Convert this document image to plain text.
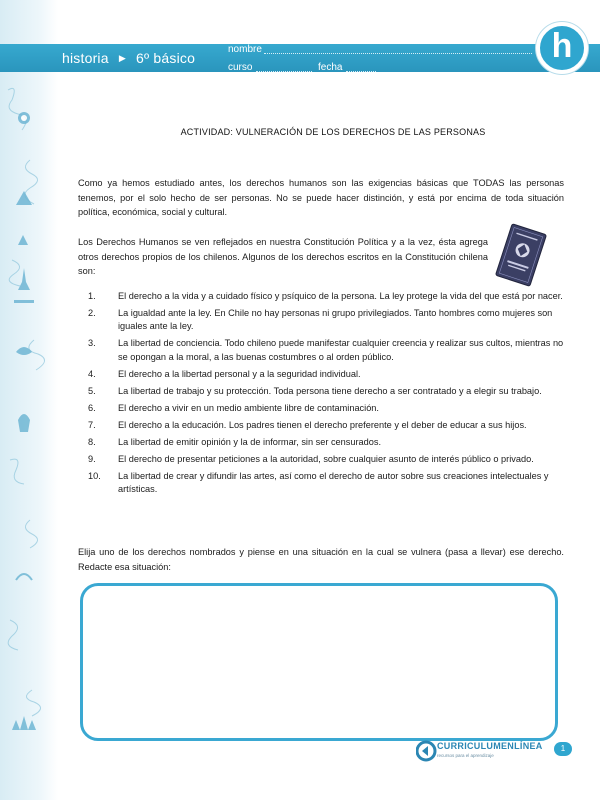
historia ▶ 6º básico
nombre
curso	fecha
h
ACTIVIDAD: VULNERACIÓN DE LOS DERECHOS DE LAS PERSONAS

Como ya hemos estudiado antes, los derechos humanos son las exigencias básicas que TODAS las personas tenemos, por el solo hecho de ser personas. No se puede hacer distinción, y está por encima de toda situación política, económica, social y cultural.

Los Derechos Humanos se ven reflejados en nuestra Constitución Política y a la vez, ésta agrega otros derechos propios de los chilenos. Algunos de los derechos escritos en la Constitución chilena son:

1.	El derecho a la vida y a cuidado físico y psíquico de la persona. La ley protege la vida del que está por nacer.
2.	La igualdad ante la ley. En Chile no hay personas ni grupo privilegiados. Tanto hombres como mujeres son iguales ante la ley.
3.	La libertad de conciencia. Todo chileno puede manifestar cualquier creencia y realizar sus cultos, mientras no se opongan a la moral, a las buenas costumbres o al orden público.
4.	El derecho a la libertad personal y a la seguridad individual.
5.	La libertad de trabajo y su protección. Toda persona tiene derecho a ser contratado y a elegir su trabajo.
6.	El derecho a vivir en un medio ambiente libre de contaminación.
7.	El derecho a la educación. Los padres tienen el derecho preferente y el deber de educar a sus hijos.
8.	La libertad de emitir opinión y la de informar, sin ser censurados.
9.	El derecho de presentar peticiones a la autoridad, sobre cualquier asunto de interés público o privado.
10.	La libertad de crear y difundir las artes, así como el derecho de autor sobre sus creaciones intelectuales y artísticas.

Elija uno de los derechos nombrados y piense en una situación en la cual se vulnera (pasa a llevar) ese derecho. Redacte esa situación:

CURRICULUMENLÍNEA
recursos para el aprendizaje
1
